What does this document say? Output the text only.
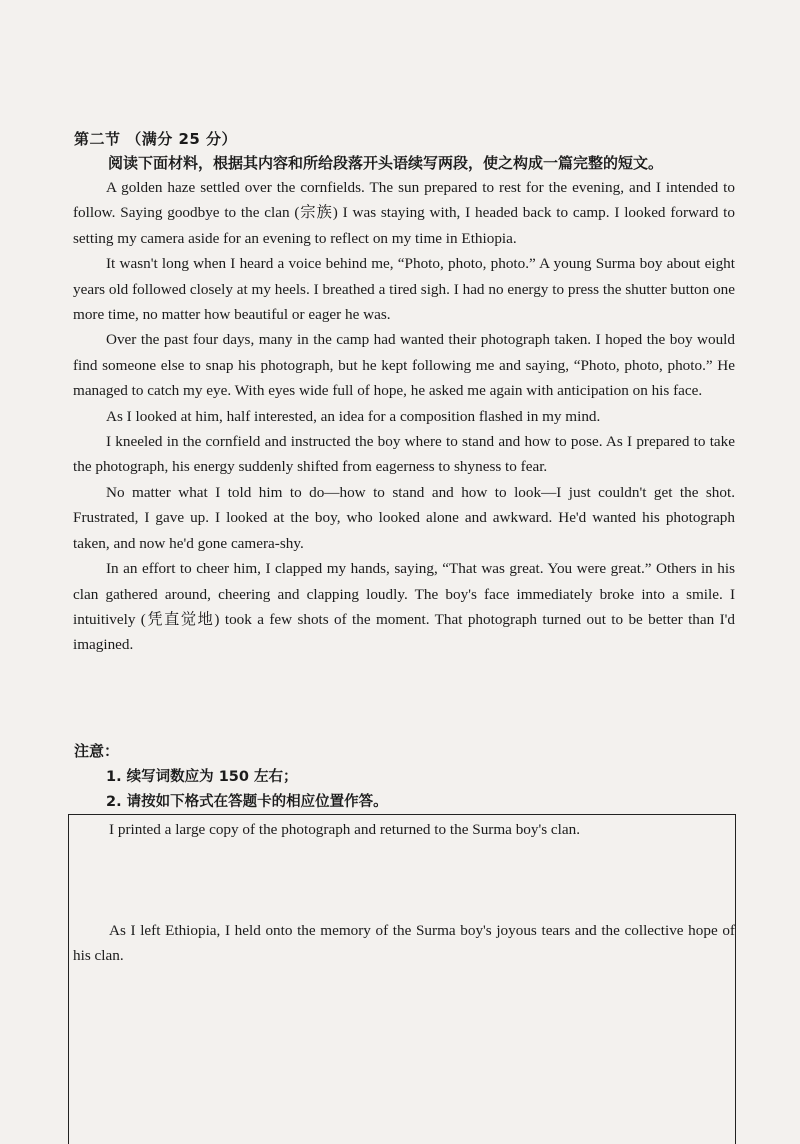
第二节 （满分 25 分）
阅读下面材料，根据其内容和所给段落开头语续写两段，使之构成一篇完整的短文。

A golden haze settled over the cornfields. The sun prepared to rest for the evening, and I intended to follow. Saying goodbye to the clan (宗族) I was staying with, I headed back to camp. I looked forward to setting my camera aside for an evening to reflect on my time in Ethiopia.

It wasn't long when I heard a voice behind me, “Photo, photo, photo.” A young Surma boy about eight years old followed closely at my heels. I breathed a tired sigh. I had no energy to press the shutter button one more time, no matter how beautiful or eager he was.

Over the past four days, many in the camp had wanted their photograph taken. I hoped the boy would find someone else to snap his photograph, but he kept following me and saying, “Photo, photo, photo.” He managed to catch my eye. With eyes wide full of hope, he asked me again with anticipation on his face.

As I looked at him, half interested, an idea for a composition flashed in my mind.

I kneeled in the cornfield and instructed the boy where to stand and how to pose. As I prepared to take the photograph, his energy suddenly shifted from eagerness to shyness to fear.

No matter what I told him to do—how to stand and how to look—I just couldn't get the shot. Frustrated, I gave up. I looked at the boy, who looked alone and awkward. He'd wanted his photograph taken, and now he'd gone camera-shy.

In an effort to cheer him, I clapped my hands, saying, “That was great. You were great.” Others in his clan gathered around, cheering and clapping loudly. The boy's face immediately broke into a smile. I intuitively (凭直觉地) took a few shots of the moment. That photograph turned out to be better than I'd imagined.

注意：
1. 续写词数应为 150 左右；
2. 请按如下格式在答题卡的相应位置作答。

I printed a large copy of the photograph and returned to the Surma boy's clan.

As I left Ethiopia, I held onto the memory of the Surma boy's joyous tears and the collective hope of his clan.
